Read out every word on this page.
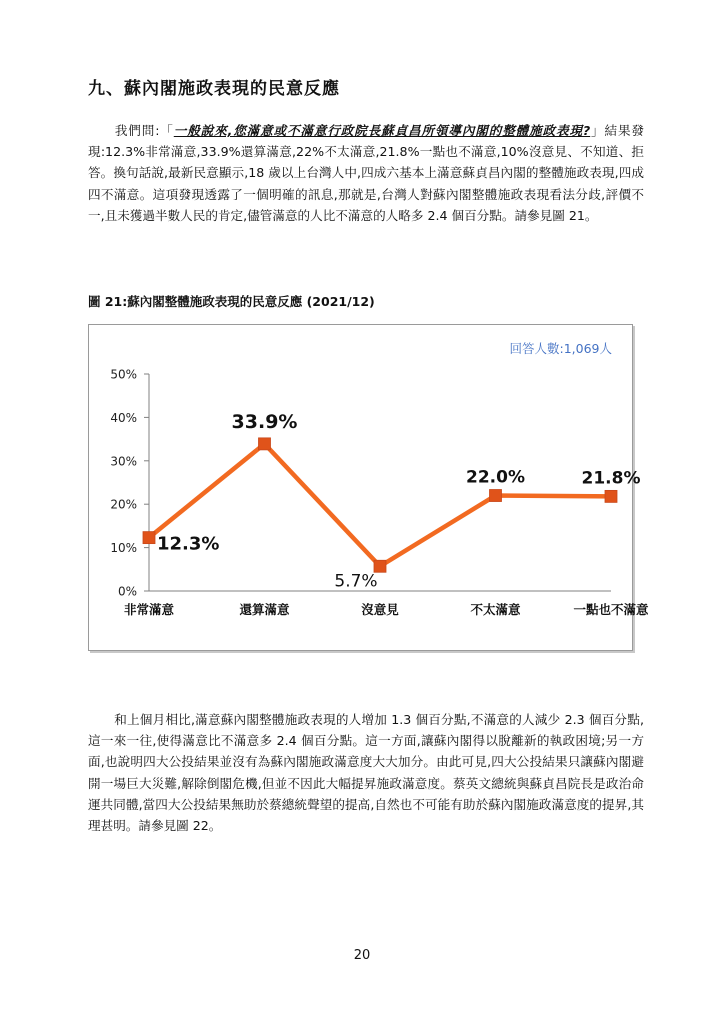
九、蘇內閣施政表現的民意反應
我們問:「一般說來,您滿意或不滿意行政院長蘇貞昌所領導內閣的整體施政表現?」結果發現:12.3%非常滿意,33.9%還算滿意,22%不太滿意,21.8%一點也不滿意,10%沒意見、不知道、拒答。換句話說,最新民意顯示,18 歲以上台灣人中,四成六基本上滿意蘇貞昌內閣的整體施政表現,四成四不滿意。這項發現透露了一個明確的訊息,那就是,台灣人對蘇內閣整體施政表現看法分歧,評價不一,且未獲過半數人民的肯定,儘管滿意的人比不滿意的人略多 2.4 個百分點。請參見圖 21。
圖 21:蘇內閣整體施政表現的民意反應 (2021/12)
回答人數:1,069人
0%
10%
20%
30%
40%
50%
非常滿意	還算滿意	沒意見	不太滿意	一點也不滿意
12.3%
33.9%
5.7%
22.0%	21.8%
和上個月相比,滿意蘇內閣整體施政表現的人增加 1.3 個百分點,不滿意的人減少 2.3 個百分點,這一來一往,使得滿意比不滿意多 2.4 個百分點。這一方面,讓蘇內閣得以脫離新的執政困境;另一方面,也說明四大公投結果並沒有為蘇內閣施政滿意度大大加分。由此可見,四大公投結果只讓蘇內閣避開一場巨大災難,解除倒閣危機,但並不因此大幅提昇施政滿意度。蔡英文總統與蘇貞昌院長是政治命運共同體,當四大公投結果無助於蔡總統聲望的提高,自然也不可能有助於蘇內閣施政滿意度的提昇,其理甚明。請參見圖 22。
20
